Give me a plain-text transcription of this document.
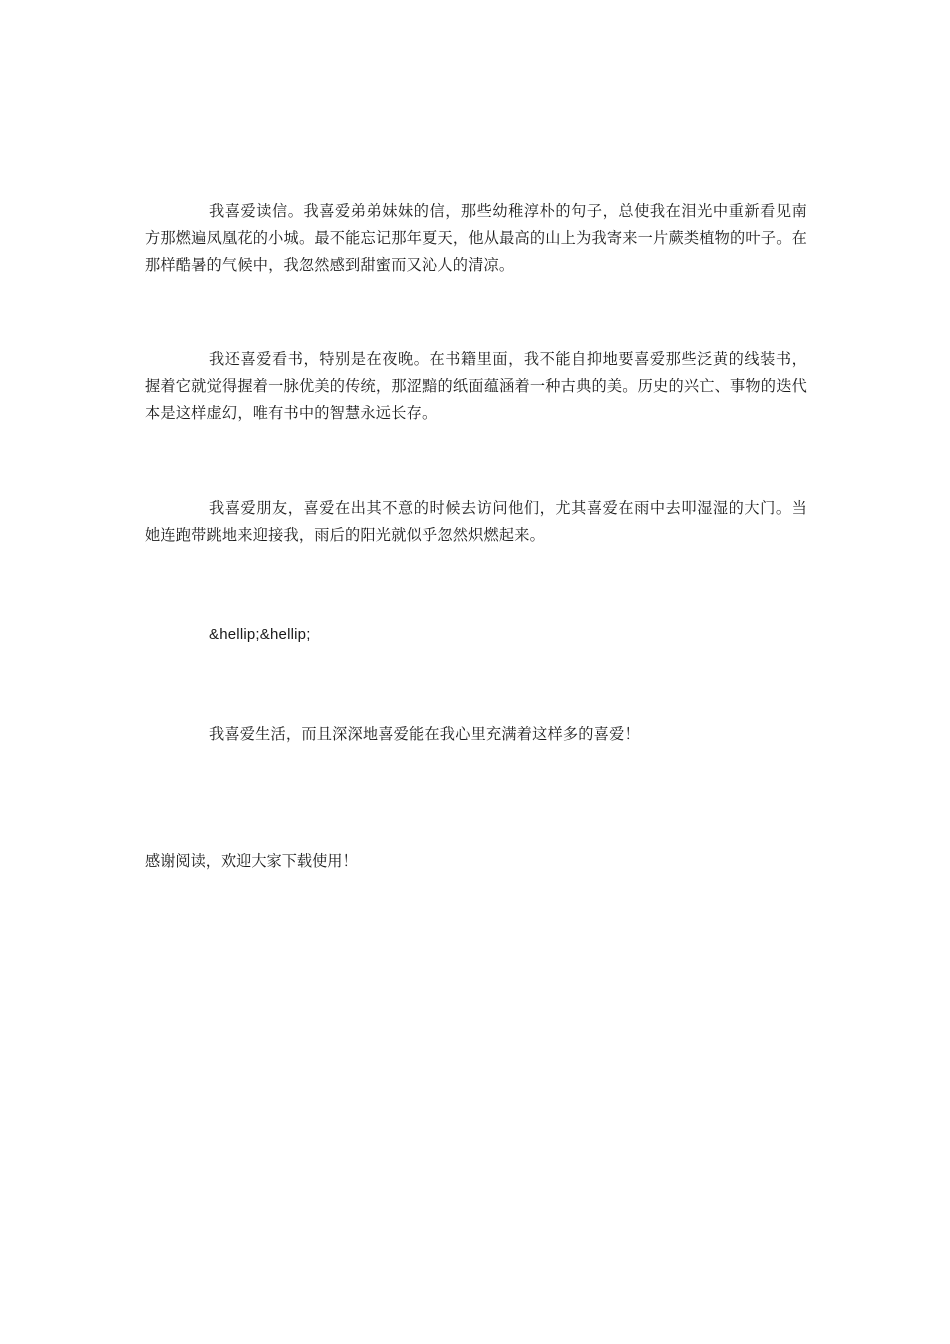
我喜爱读信。我喜爱弟弟妹妹的信，那些幼稚淳朴的句子，总使我在泪光中重新看见南方那燃遍凤凰花的小城。最不能忘记那年夏天，他从最高的山上为我寄来一片蕨类植物的叶子。在那样酷暑的气候中，我忽然感到甜蜜而又沁人的清凉。

我还喜爱看书，特别是在夜晚。在书籍里面，我不能自抑地要喜爱那些泛黄的线装书，握着它就觉得握着一脉优美的传统，那涩黯的纸面蕴涵着一种古典的美。历史的兴亡、事物的迭代本是这样虚幻，唯有书中的智慧永远长存。

我喜爱朋友，喜爱在出其不意的时候去访问他们，尤其喜爱在雨中去叩湿湿的大门。当她连跑带跳地来迎接我，雨后的阳光就似乎忽然炽燃起来。

&hellip;&hellip;

我喜爱生活，而且深深地喜爱能在我心里充满着这样多的喜爱！

感谢阅读，欢迎大家下载使用！
